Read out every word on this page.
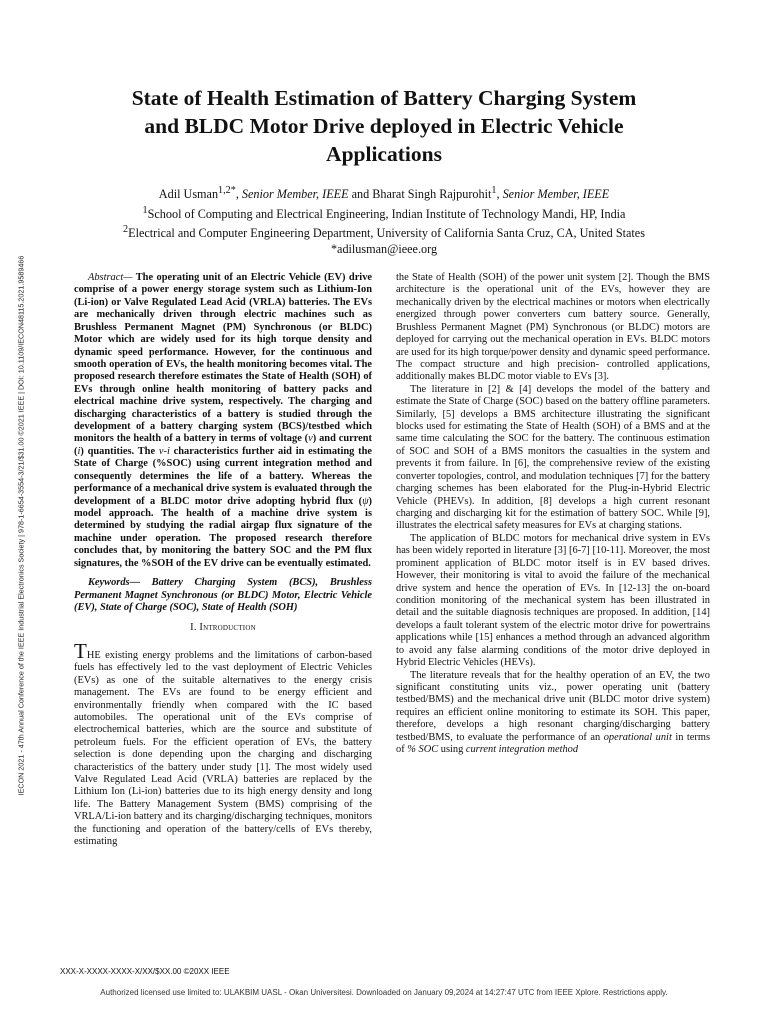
IECON 2021 - 47th Annual Conference of the IEEE Industrial Electronics Society | 978-1-6654-3554-3/21/$31.00 ©2021 IEEE | DOI: 10.1109/IECON48115.2021.9589466
State of Health Estimation of Battery Charging System
and BLDC Motor Drive deployed in Electric Vehicle
Applications
Adil Usman$^{1,2*}$, Senior Member, IEEE and Bharat Singh Rajpurohit$^1$, Senior Member, IEEE
$^1$School of Computing and Electrical Engineering, Indian Institute of Technology Mandi, HP, India
$^2$Electrical and Computer Engineering Department, University of California Santa Cruz, CA, United States
*adilusman@ieee.org

Abstract— The operating unit of an Electric Vehicle (EV) drive comprise of a power energy storage system such as Lithium-Ion (Li-ion) or Valve Regulated Lead Acid (VRLA) batteries. The EVs are mechanically driven through electric machines such as Brushless Permanent Magnet (PM) Synchronous (or BLDC) Motor which are widely used for its high torque density and dynamic speed performance. However, for the continuous and smooth operation of EVs, the health monitoring becomes vital. The proposed research therefore estimates the State of Health (SOH) of EVs through online health monitoring of battery packs and electrical machine drive system, respectively. The charging and discharging characteristics of a battery is studied through the development of a battery charging system (BCS)/testbed which monitors the health of a battery in terms of voltage (v) and current (i) quantities. The v-i characteristics further aid in estimating the State of Charge (%SOC) using current integration method and consequently determines the life of a battery. Whereas the performance of a mechanical drive system is evaluated through the development of a BLDC motor drive adopting hybrid flux (ψ) model approach. The health of a machine drive system is determined by studying the radial airgap flux signature of the machine under operation. The proposed research therefore concludes that, by monitoring the battery SOC and the PM flux signatures, the %SOH of the EV drive can be eventually estimated.

Keywords— Battery Charging System (BCS), Brushless Permanent Magnet Synchronous (or BLDC) Motor, Electric Vehicle (EV), State of Charge (SOC), State of Health (SOH)

I. Introduction

THE existing energy problems and the limitations of carbon-based fuels has effectively led to the vast deployment of Electric Vehicles (EVs) as one of the suitable alternatives to the energy crisis management. The EVs are found to be energy efficient and environmentally friendly when compared with the IC based automobiles. The operational unit of the EVs comprise of electrochemical batteries, which are the source and substitute of petroleum fuels. For the efficient operation of EVs, the battery selection is done depending upon the charging and discharging characteristics of the battery under study [1]. The most widely used Valve Regulated Lead Acid (VRLA) batteries are replaced by the Lithium Ion (Li-ion) batteries due to its high energy density and long life. The Battery Management System (BMS) comprising of the VRLA/Li-ion battery and its charging/discharging techniques, monitors the functioning and operation of the battery/cells of EVs thereby, estimating

the State of Health (SOH) of the power unit system [2]. Though the BMS architecture is the operational unit of the EVs, however they are mechanically driven by the electrical machines or motors when electrically energized through power converters cum battery source. Generally, Brushless Permanent Magnet (PM) Synchronous (or BLDC) motors are deployed for carrying out the mechanical operation in EVs. BLDC motors are used for its high torque/power density and dynamic speed performance. The compact structure and high precision- controlled applications, additionally makes BLDC motor viable to EVs [3].

The literature in [2] & [4] develops the model of the battery and estimate the State of Charge (SOC) based on the battery offline parameters. Similarly, [5] develops a BMS architecture illustrating the significant blocks used for estimating the State of Health (SOH) of a BMS and at the same time calculating the SOC for the battery. The continuous estimation of SOC and SOH of a BMS monitors the casualties in the system and prevents it from failure. In [6], the comprehensive review of the existing converter topologies, control, and modulation techniques [7] for the battery charging schemes has been elaborated for the Plug-in-Hybrid Electric Vehicle (PHEVs). In addition, [8] develops a high current resonant charging and discharging kit for the estimation of battery SOC. While [9], illustrates the electrical safety measures for EVs at charging stations.

The application of BLDC motors for mechanical drive system in EVs has been widely reported in literature [3] [6-7] [10-11]. Moreover, the most prominent application of BLDC motor itself is in EV based drives. However, their monitoring is vital to avoid the failure of the mechanical drive system and hence the operation of EVs. In [12-13] the on-board condition monitoring of the mechanical system has been illustrated in detail and the suitable diagnosis techniques are proposed. In addition, [14] develops a fault tolerant system of the electric motor drive for powertrains applications while [15] enhances a method through an advanced algorithm to avoid any false alarming conditions of the motor drive deployed in Hybrid Electric Vehicles (HEVs).

The literature reveals that for the healthy operation of an EV, the two significant constituting units viz., power operating unit (battery testbed/BMS) and the mechanical drive unit (BLDC motor drive system) requires an efficient online monitoring to estimate its SOH. This paper, therefore, develops a high resonant charging/discharging battery testbed/BMS, to evaluate the performance of an operational unit in terms of % SOC using current integration method

XXX-X-XXXX-XXXX-X/XX/$XX.00 ©20XX IEEE
Authorized licensed use limited to: ULAKBIM UASL - Okan Universitesi. Downloaded on January 09,2024 at 14:27:47 UTC from IEEE Xplore. Restrictions apply.
